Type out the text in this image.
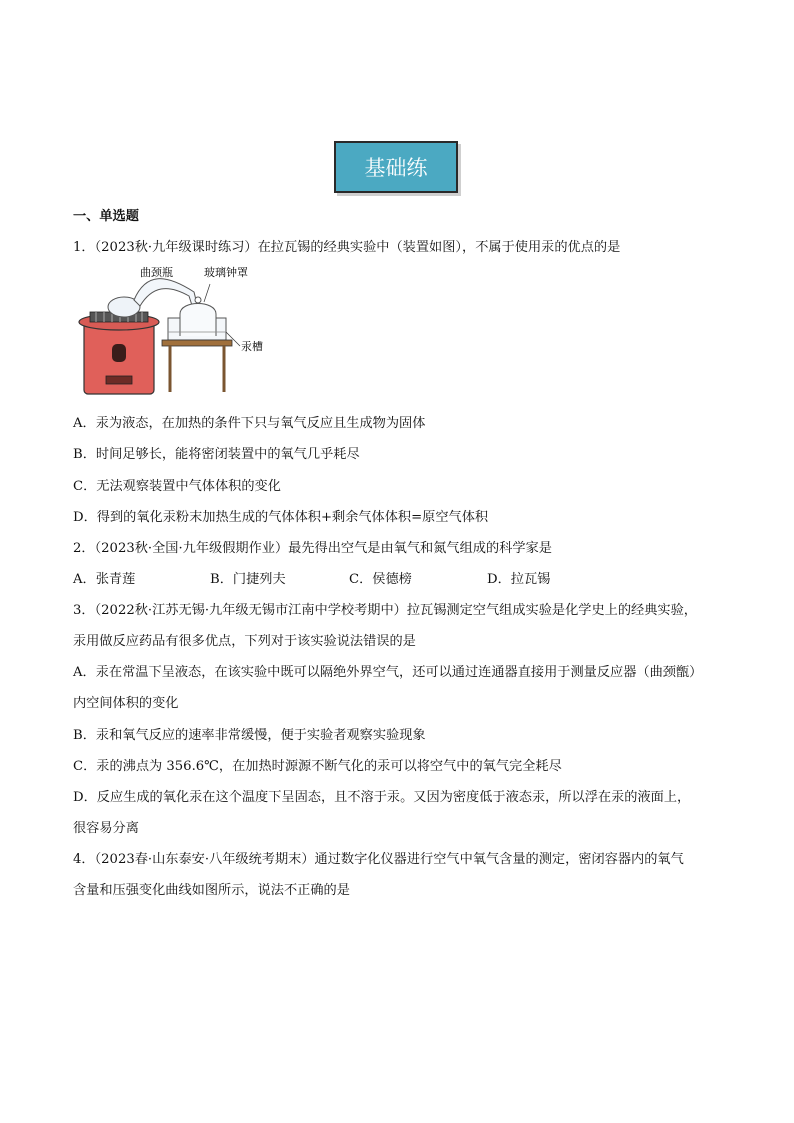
基础练
一、单选题
1．（2023秋·九年级课时练习）在拉瓦锡的经典实验中（装置如图），不属于使用汞的优点的是
曲颈瓶	玻璃钟罩
汞槽
A．汞为液态，在加热的条件下只与氧气反应且生成物为固体
B．时间足够长，能将密闭装置中的氧气几乎耗尽
C．无法观察装置中气体体积的变化
D．得到的氧化汞粉末加热生成的气体体积+剩余气体体积=原空气体积
2．（2023秋·全国·九年级假期作业）最先得出空气是由氧气和氮气组成的科学家是
A．张青莲	B．门捷列夫	C．侯德榜	D．拉瓦锡
3．（2022秋·江苏无锡·九年级无锡市江南中学校考期中）拉瓦锡测定空气组成实验是化学史上的经典实验，
汞用做反应药品有很多优点，下列对于该实验说法错误的是
A．汞在常温下呈液态，在该实验中既可以隔绝外界空气，还可以通过连通器直接用于测量反应器（曲颈甑）
内空间体积的变化
B．汞和氧气反应的速率非常缓慢，便于实验者观察实验现象
C．汞的沸点为 356.6℃，在加热时源源不断气化的汞可以将空气中的氧气完全耗尽
D．反应生成的氧化汞在这个温度下呈固态，且不溶于汞。又因为密度低于液态汞，所以浮在汞的液面上，
很容易分离
4．（2023春·山东泰安·八年级统考期末）通过数字化仪器进行空气中氧气含量的测定，密闭容器内的氧气
含量和压强变化曲线如图所示，说法不正确的是
